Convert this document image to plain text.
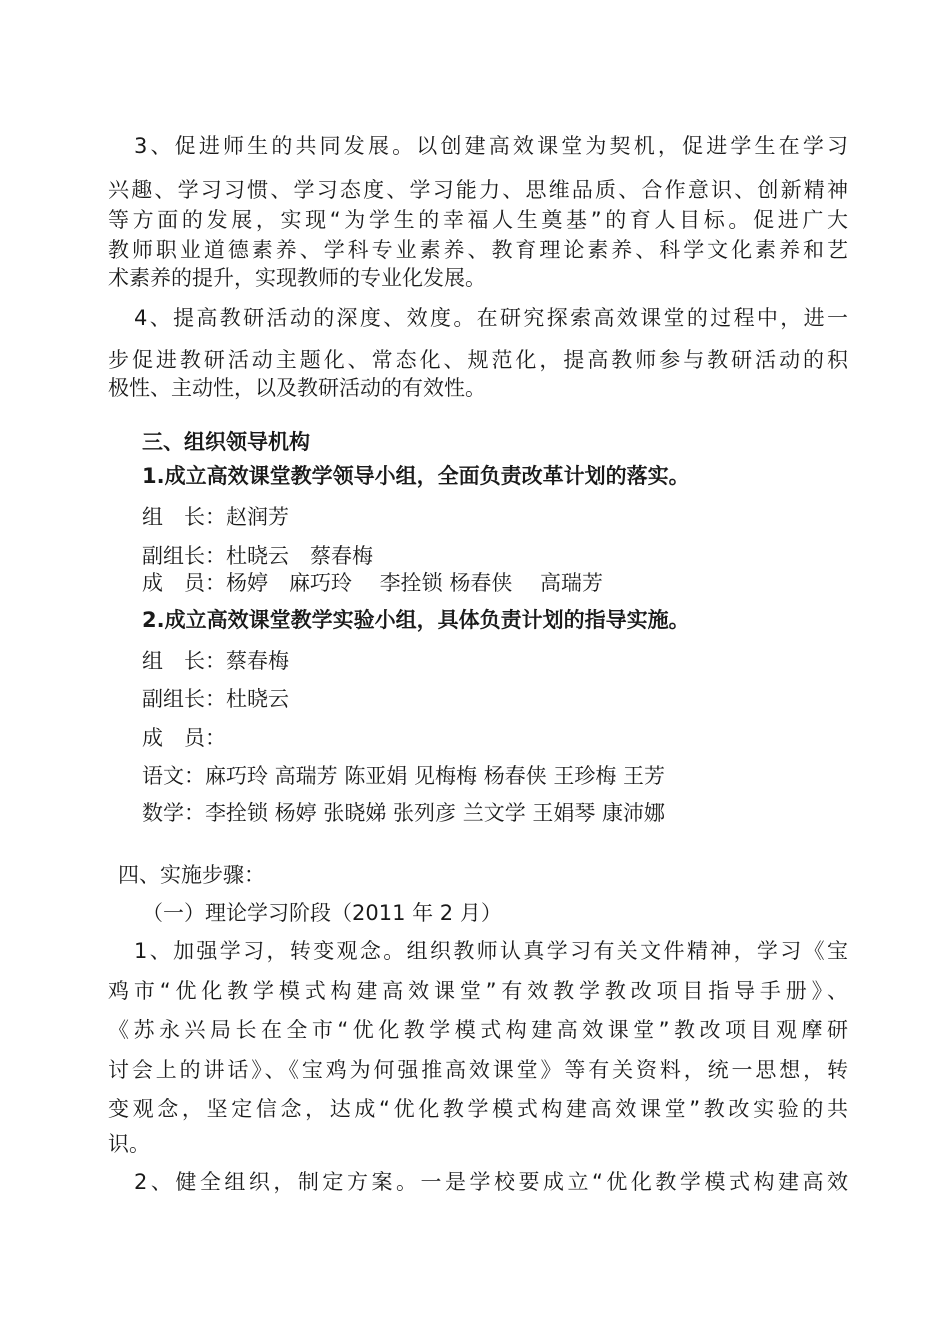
3、促进师生的共同发展。以创建高效课堂为契机，促进学生在学习

兴趣、学习习惯、学习态度、学习能力、思维品质、合作意识、创新精神

等方面的发展，实现“为学生的幸福人生奠基”的育人目标。促进广大

教师职业道德素养、学科专业素养、教育理论素养、科学文化素养和艺

术素养的提升，实现教师的专业化发展。

4、提高教研活动的深度、效度。在研究探索高效课堂的过程中，进一

步促进教研活动主题化、常态化、规范化，提高教师参与教研活动的积

极性、主动性，以及教研活动的有效性。

三、组织领导机构

1.成立高效课堂教学领导小组，全面负责改革计划的落实。

组　长：赵润芳

副组长：杜晓云　蔡春梅

成　员：杨婷　麻巧玲　 李拴锁 杨春侠　 高瑞芳

2.成立高效课堂教学实验小组，具体负责计划的指导实施。

组　长：蔡春梅

副组长：杜晓云

成　员：

语文：麻巧玲 高瑞芳 陈亚娟 见梅梅 杨春侠 王珍梅 王芳

数学：李拴锁 杨婷 张晓娣 张列彦 兰文学 王娟琴 康沛娜

四、实施步骤：

（一）理论学习阶段（2011 年 2 月）

1、加强学习，转变观念。组织教师认真学习有关文件精神，学习《宝

鸡市“优化教学模式构建高效课堂”有效教学教改项目指导手册》、

《苏永兴局长在全市“优化教学模式构建高效课堂”教改项目观摩研

讨会上的讲话》、《宝鸡为何强推高效课堂》等有关资料，统一思想，转

变观念，坚定信念，达成“优化教学模式构建高效课堂”教改实验的共

识。

2、健全组织，制定方案。一是学校要成立“优化教学模式构建高效
